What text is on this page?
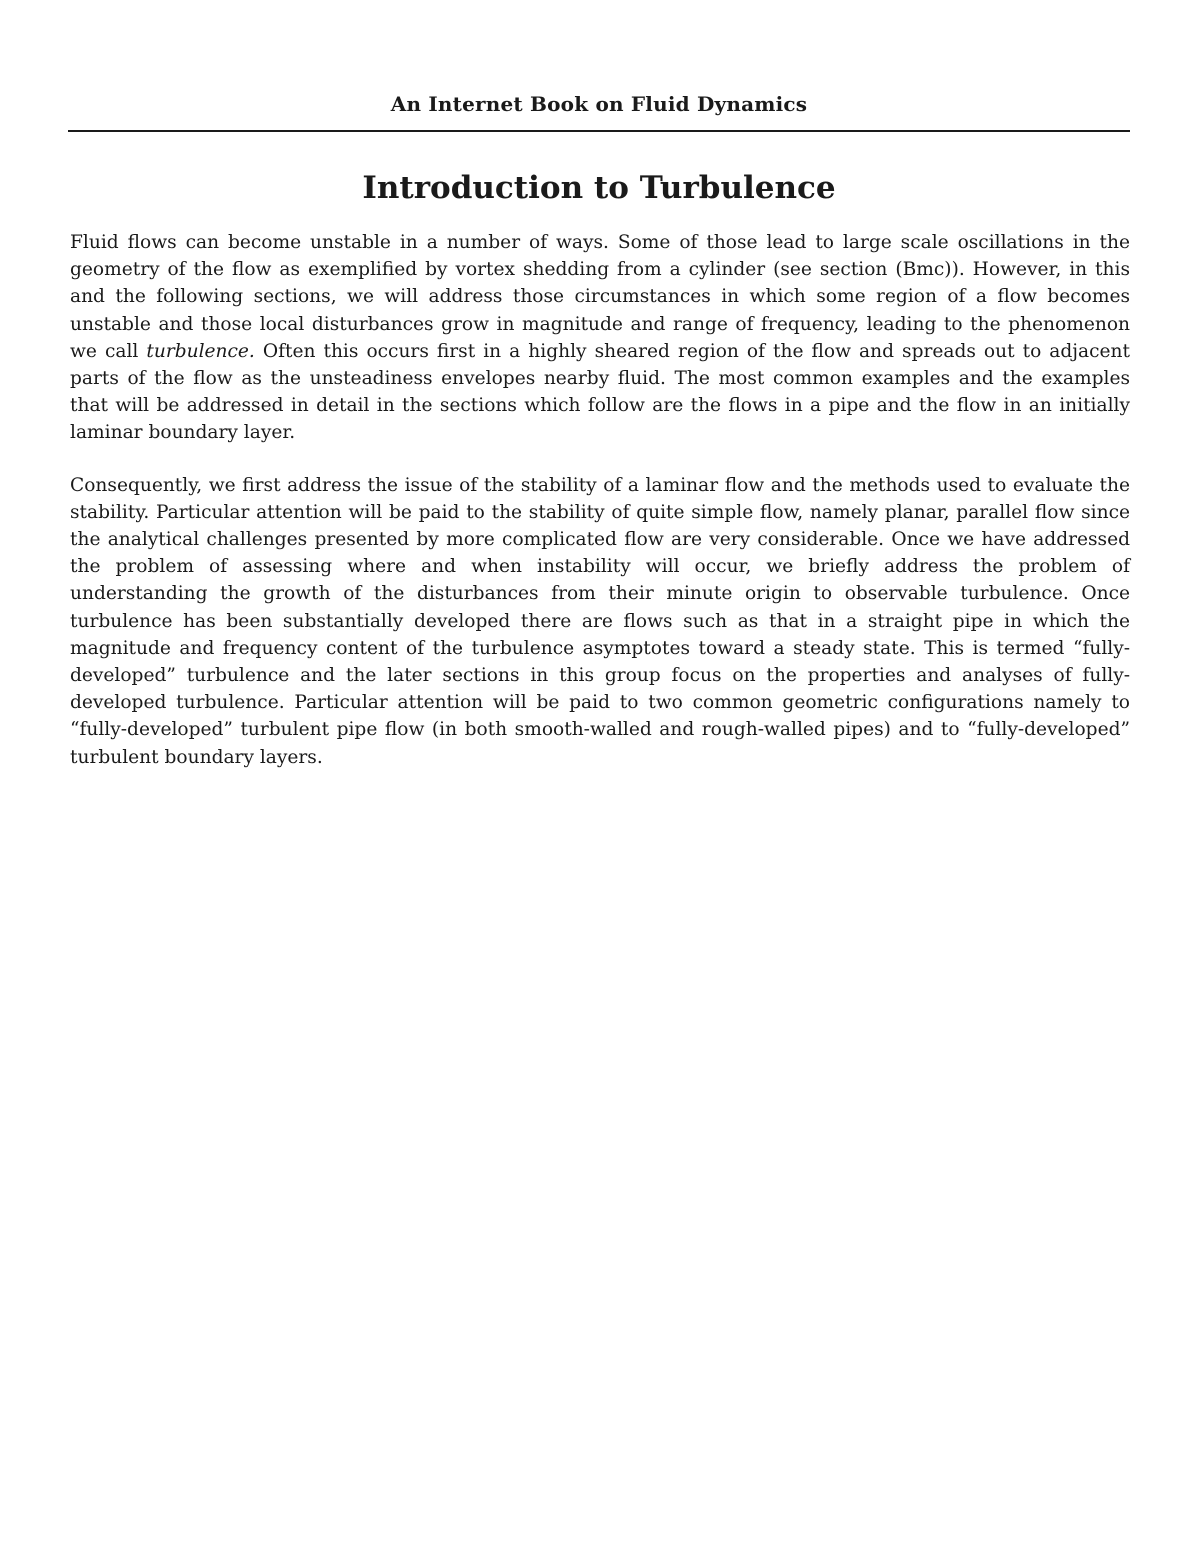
An Internet Book on Fluid Dynamics
Introduction to Turbulence

Fluid flows can become unstable in a number of ways. Some of those lead to large scale oscillations in the geometry of the flow as exemplified by vortex shedding from a cylinder (see section (Bmc)). However, in this and the following sections, we will address those circumstances in which some region of a flow becomes unstable and those local disturbances grow in magnitude and range of frequency, leading to the phenomenon we call turbulence. Often this occurs first in a highly sheared region of the flow and spreads out to adjacent parts of the flow as the unsteadiness envelopes nearby fluid. The most common examples and the examples that will be addressed in detail in the sections which follow are the flows in a pipe and the flow in an initially laminar boundary layer.

Consequently, we first address the issue of the stability of a laminar flow and the methods used to evaluate the stability. Particular attention will be paid to the stability of quite simple flow, namely planar, parallel flow since the analytical challenges presented by more complicated flow are very considerable. Once we have addressed the problem of assessing where and when instability will occur, we briefly address the problem of understanding the growth of the disturbances from their minute origin to observable turbulence. Once turbulence has been substantially developed there are flows such as that in a straight pipe in which the magnitude and frequency content of the turbulence asymptotes toward a steady state. This is termed “fully-developed” turbulence and the later sections in this group focus on the properties and analyses of fully-developed turbulence. Particular attention will be paid to two common geometric configurations namely to “fully-developed” turbulent pipe flow (in both smooth-walled and rough-walled pipes) and to “fully-developed” turbulent boundary layers.
